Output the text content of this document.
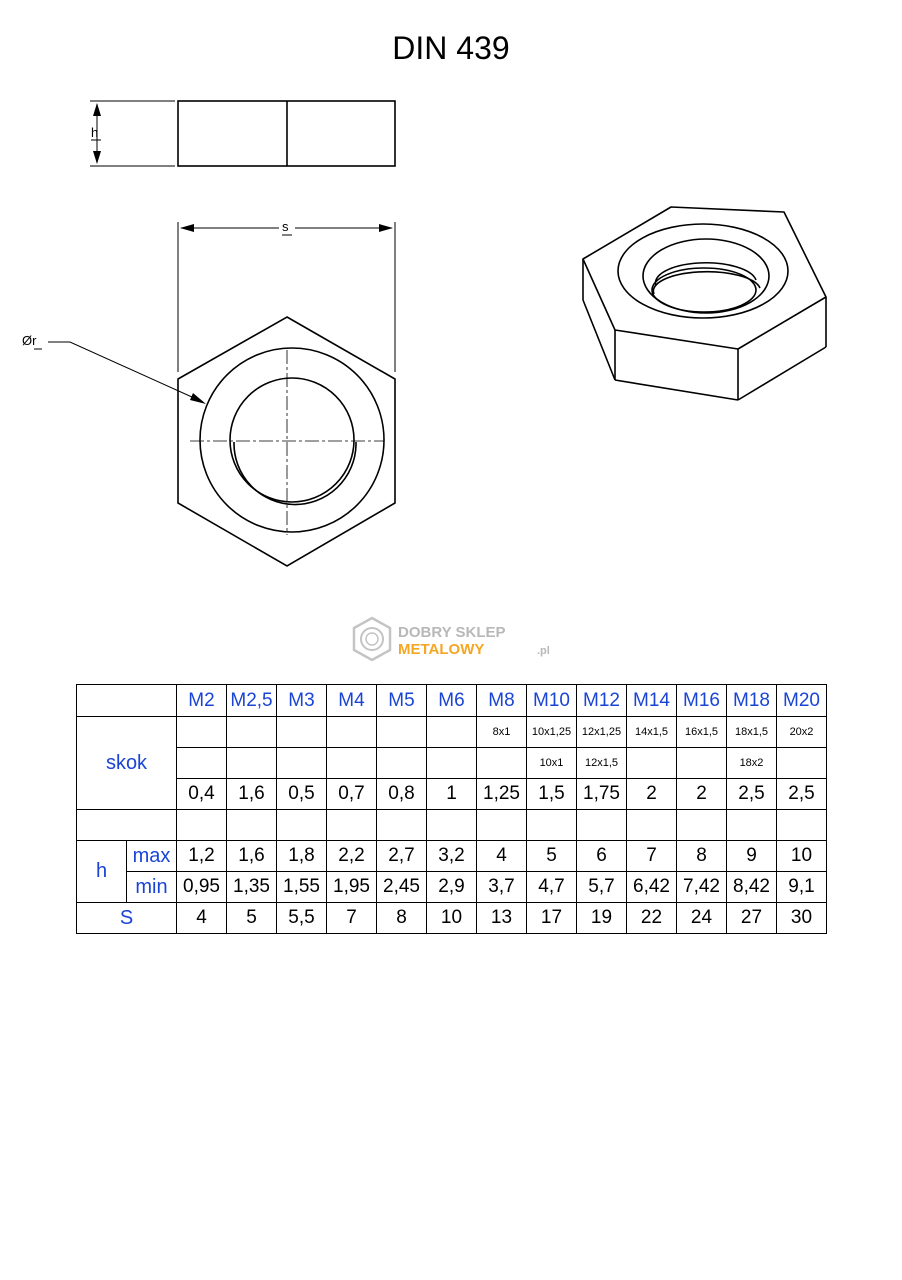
DIN 439
h
s
Ør
DOBRY SKLEP
METALOWY	.pl
		M2	M2,5	M3	M4	M5	M6	M8	M10	M12	M14	M16	M18	M20
skok								8x1	10x1,25	12x1,25	14x1,5	16x1,5	18x1,5	20x2
									10x1	12x1,5			18x2	
		0,4	1,6	0,5	0,7	0,8	1	1,25	1,5	1,75	2	2	2,5	2,5

h	max	1,2	1,6	1,8	2,2	2,7	3,2	4	5	6	7	8	9	10
	min	0,95	1,35	1,55	1,95	2,45	2,9	3,7	4,7	5,7	6,42	7,42	8,42	9,1
S		4	5	5,5	7	8	10	13	17	19	22	24	27	30
